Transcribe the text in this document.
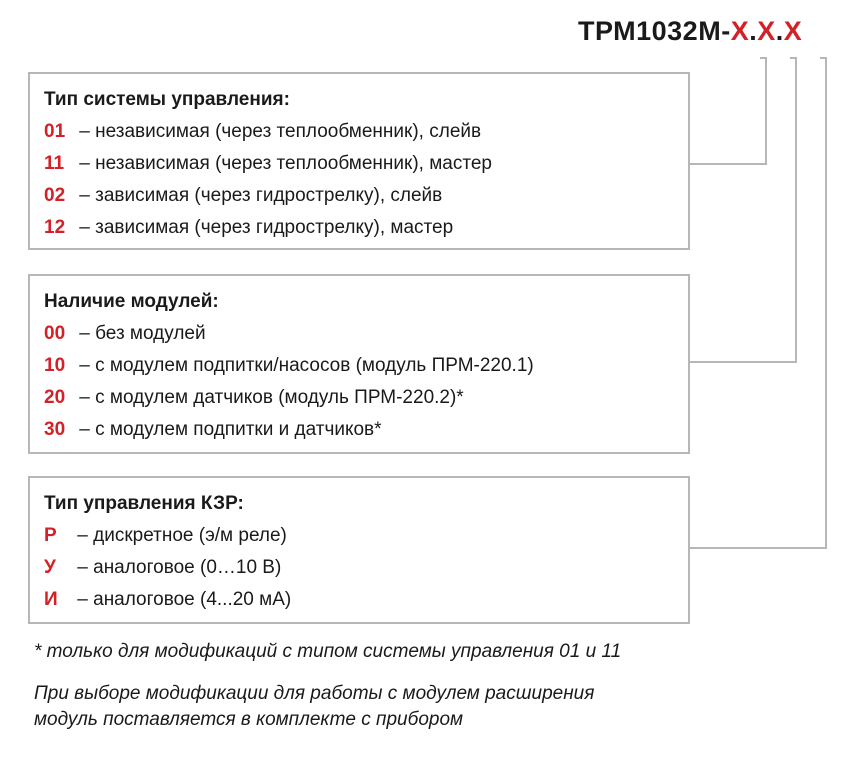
ТРМ1032М-Х.Х.Х
Тип системы управления:
01 – независимая (через теплообменник), слейв
11 – независимая (через теплообменник), мастер
02 – зависимая (через гидрострелку), слейв
12 – зависимая (через гидрострелку), мастер
Наличие модулей:
00 – без модулей
10 – с модулем подпитки/насосов (модуль ПРМ-220.1)
20 – с модулем датчиков (модуль ПРМ-220.2)*
30 – с модулем подпитки и датчиков*
Тип управления КЗР:
Р – дискретное (э/м реле)
У – аналоговое (0…10 В)
И – аналоговое (4...20 мА)
* только для модификаций с типом системы управления 01 и 11
При выборе модификации для работы с модулем расширения
модуль поставляется в комплекте с прибором
